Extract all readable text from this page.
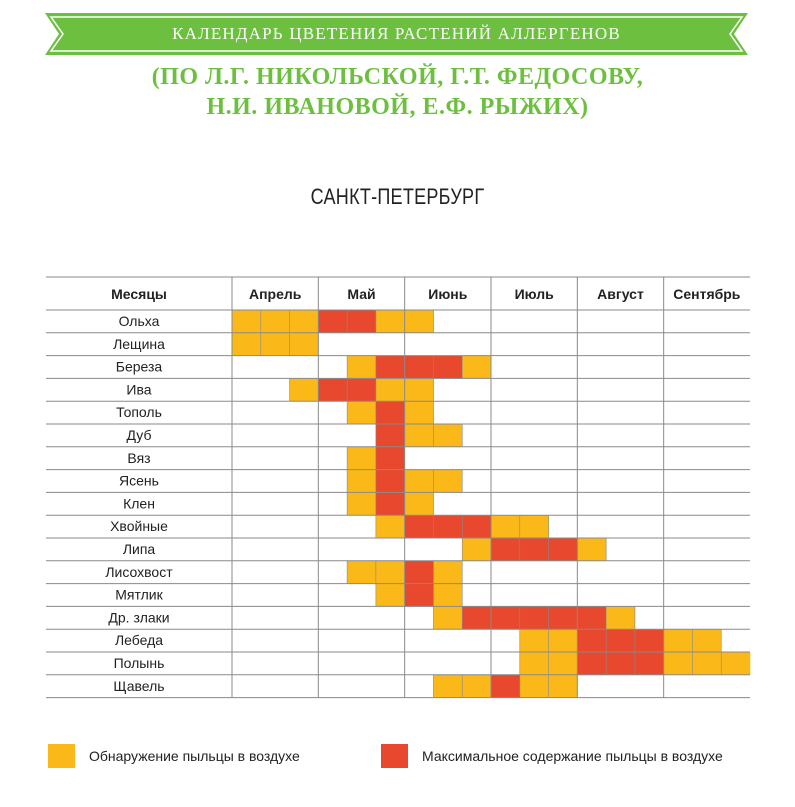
КАЛЕНДАРЬ ЦВЕТЕНИЯ РАСТЕНИЙ АЛЛЕРГЕНОВ
(ПО Л.Г. НИКОЛЬСКОЙ, Г.Т. ФЕДОСОВУ,
Н.И. ИВАНОВОЙ, Е.Ф. РЫЖИХ)
САНКТ-ПЕТЕРБУРГ
Месяцы	Апрель	Май	Июнь	Июль	Август Сентябрь
Ольха
Лещина
Береза
Ива
Тополь
Дуб
Вяз
Ясень
Клен
Хвойные
Липа
Лисохвост
Мятлик
Др. злаки
Лебеда
Полынь
Щавель
Обнаружение пыльцы в воздухе	Максимальное содержание пыльцы в воздухе
